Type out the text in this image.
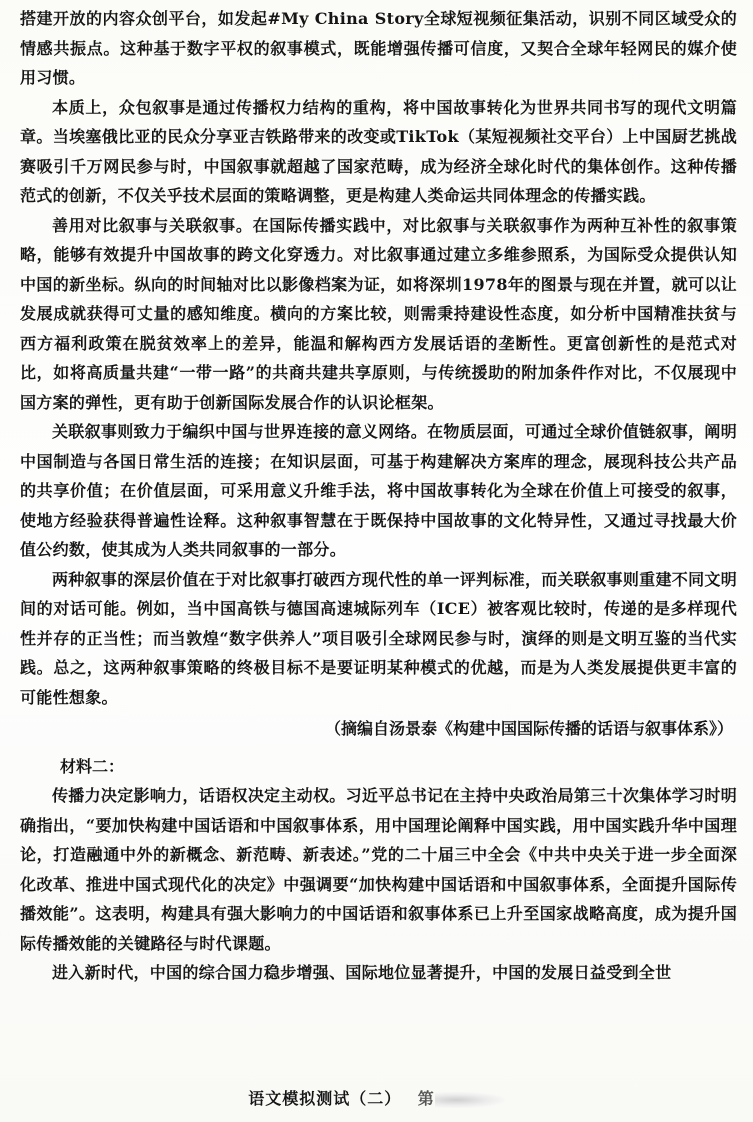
搭建开放的内容众创平台，如发起#My China Story全球短视频征集活动，识别不同区域受众的情感共振点。这种基于数字平权的叙事模式，既能增强传播可信度，又契合全球年轻网民的媒介使用习惯。

本质上，众包叙事是通过传播权力结构的重构，将中国故事转化为世界共同书写的现代文明篇章。当埃塞俄比亚的民众分享亚吉铁路带来的改变或TikTok（某短视频社交平台）上中国厨艺挑战赛吸引千万网民参与时，中国叙事就超越了国家范畴，成为经济全球化时代的集体创作。这种传播范式的创新，不仅关乎技术层面的策略调整，更是构建人类命运共同体理念的传播实践。

善用对比叙事与关联叙事。在国际传播实践中，对比叙事与关联叙事作为两种互补性的叙事策略，能够有效提升中国故事的跨文化穿透力。对比叙事通过建立多维参照系，为国际受众提供认知中国的新坐标。纵向的时间轴对比以影像档案为证，如将深圳1978年的图景与现在并置，就可以让发展成就获得可丈量的感知维度。横向的方案比较，则需秉持建设性态度，如分析中国精准扶贫与西方福利政策在脱贫效率上的差异，能温和解构西方发展话语的垄断性。更富创新性的是范式对比，如将高质量共建“一带一路”的共商共建共享原则，与传统援助的附加条件作对比，不仅展现中国方案的弹性，更有助于创新国际发展合作的认识论框架。

关联叙事则致力于编织中国与世界连接的意义网络。在物质层面，可通过全球价值链叙事，阐明中国制造与各国日常生活的连接；在知识层面，可基于构建解决方案库的理念，展现科技公共产品的共享价值；在价值层面，可采用意义升维手法，将中国故事转化为全球在价值上可接受的叙事，使地方经验获得普遍性诠释。这种叙事智慧在于既保持中国故事的文化特异性，又通过寻找最大价值公约数，使其成为人类共同叙事的一部分。

两种叙事的深层价值在于对比叙事打破西方现代性的单一评判标准，而关联叙事则重建不同文明间的对话可能。例如，当中国高铁与德国高速城际列车（ICE）被客观比较时，传递的是多样现代性并存的正当性；而当敦煌“数字供养人”项目吸引全球网民参与时，演绎的则是文明互鉴的当代实践。总之，这两种叙事策略的终极目标不是要证明某种模式的优越，而是为人类发展提供更丰富的可能性想象。

（摘编自汤景泰《构建中国国际传播的话语与叙事体系》）
材料二：

传播力决定影响力，话语权决定主动权。习近平总书记在主持中央政治局第三十次集体学习时明确指出，“要加快构建中国话语和中国叙事体系，用中国理论阐释中国实践，用中国实践升华中国理论，打造融通中外的新概念、新范畴、新表述。”党的二十届三中全会《中共中央关于进一步全面深化改革、推进中国式现代化的决定》中强调要“加快构建中国话语和中国叙事体系，全面提升国际传播效能”。这表明，构建具有强大影响力的中国话语和叙事体系已上升至国家战略高度，成为提升国际传播效能的关键路径与时代课题。

进入新时代，中国的综合国力稳步增强、国际地位显著提升，中国的发展日益受到全世

语文模拟测试（二） 第
